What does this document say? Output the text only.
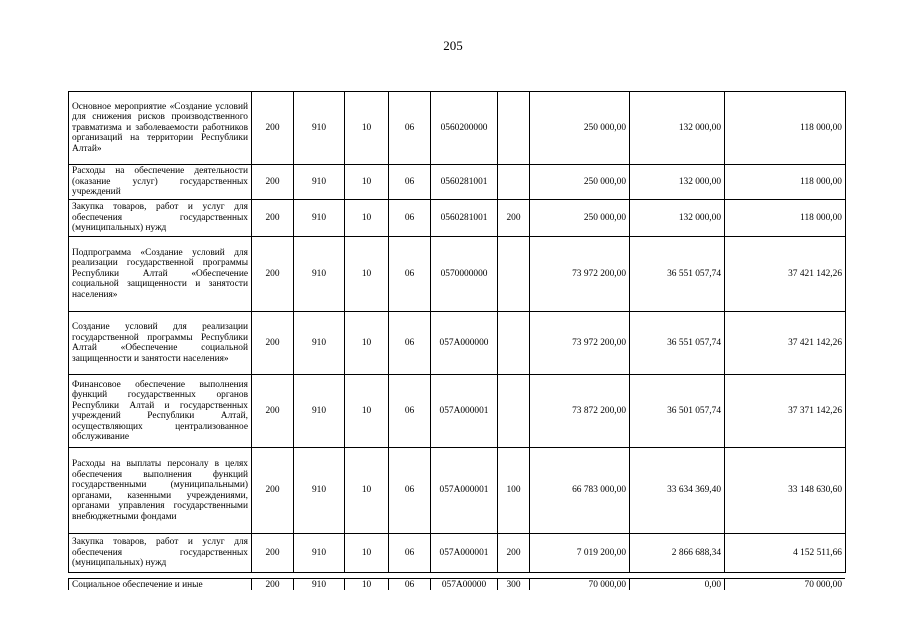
205
Основное мероприятие «Создание условий для снижения рисков производственного травматизма и заболеваемости работников организаций на территории Республики Алтай»	200	910	10	06	0560200000		250 000,00	132 000,00	118 000,00
Расходы на обеспечение деятельности (оказание услуг) государственных учреждений	200	910	10	06	0560281001		250 000,00	132 000,00	118 000,00
Закупка товаров, работ и услуг для обеспечения государственных (муниципальных) нужд	200	910	10	06	0560281001	200	250 000,00	132 000,00	118 000,00
Подпрограмма «Создание условий для реализации государственной программы Республики Алтай «Обеспечение социальной защищенности и занятости населения»	200	910	10	06	0570000000		73 972 200,00	36 551 057,74	37 421 142,26
Создание условий для реализации государственной программы Республики Алтай «Обеспечение социальной защищенности и занятости населения»	200	910	10	06	057А000000		73 972 200,00	36 551 057,74	37 421 142,26
Финансовое обеспечение выполнения функций государственных органов Республики Алтай и государственных учреждений Республики Алтай, осуществляющих централизованное обслуживание	200	910	10	06	057А000001		73 872 200,00	36 501 057,74	37 371 142,26
Расходы на выплаты персоналу в целях обеспечения выполнения функций государственными (муниципальными) органами, казенными учреждениями, органами управления государственными внебюджетными фондами	200	910	10	06	057А000001	100	66 783 000,00	33 634 369,40	33 148 630,60
Закупка товаров, работ и услуг для обеспечения государственных (муниципальных) нужд	200	910	10	06	057А000001	200	7 019 200,00	2 866 688,34	4 152 511,66
Социальное обеспечение и иные	200	910	10	06	057А00000	300	70 000,00	0,00	70 000,00
